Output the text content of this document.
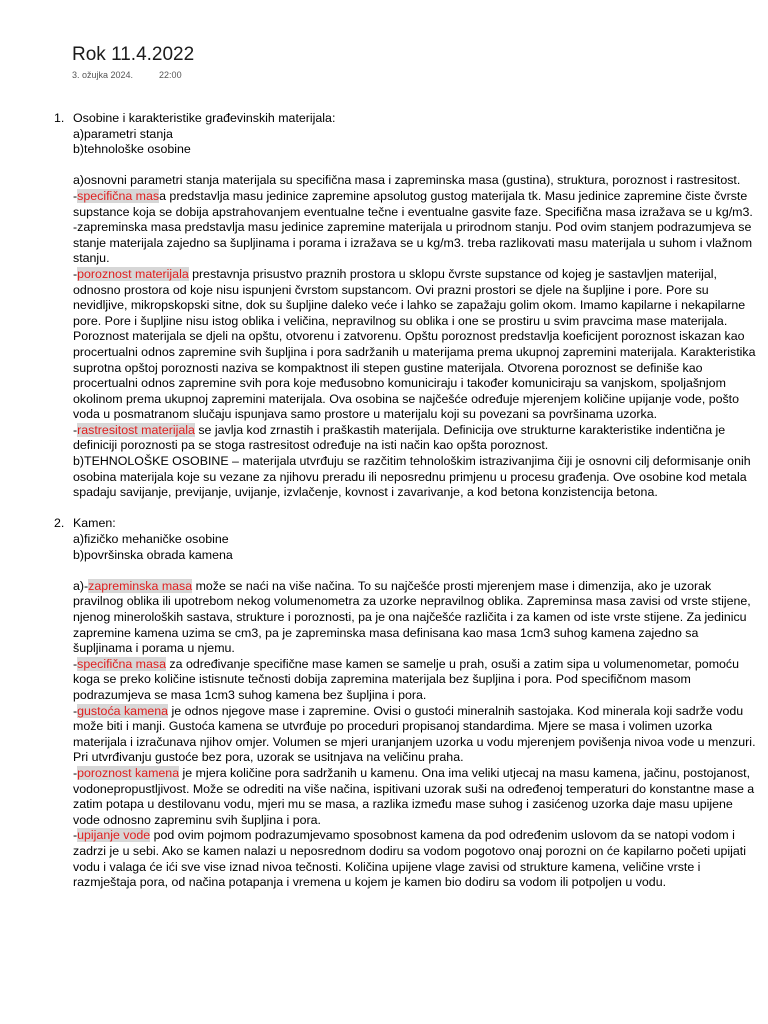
Rok 11.4.2022

3. ožujka 2024.	22:00

1. Osobine i karakteristike građevinskih materijala:

a)parametri stanja

b)tehnološke osobine

a)osnovni parametri stanja materijala su specifična masa i zapreminska masa (gustina), struktura, poroznost i rastresitost.

-specifična masa predstavlja masu jedinice zapremine apsolutog gustog materijala tk. Masu jedinice zapremine čiste čvrste supstance koja se dobija apstrahovanjem eventualne tečne i eventualne gasvite faze. Specifična masa izražava se u kg/m3.

-zapreminska masa predstavlja masu jedinice zapremine materijala u prirodnom stanju. Pod ovim stanjem podrazumjeva se stanje materijala zajedno sa šupljinama i porama i izražava se u kg/m3. treba razlikovati masu materijala u suhom i vlažnom stanju.

-poroznost materijala prestavnja prisustvo praznih prostora u sklopu čvrste supstance od kojeg je sastavljen materijal, odnosno prostora od koje nisu ispunjeni čvrstom supstancom. Ovi prazni prostori se djele na šupljine i pore. Pore su nevidljive, mikropskopski sitne, dok su šupljine daleko veće i lahko se zapažaju golim okom. Imamo kapilarne i nekapilarne pore. Pore i šupljine nisu istog oblika i veličina, nepravilnog su oblika i one se prostiru u svim pravcima mase materijala. Poroznost materijala se djeli na opštu, otvorenu i zatvorenu. Opštu poroznost predstavlja koeficijent poroznost iskazan kao procertualni odnos zapremine svih šupljina i pora sadržanih u materijama prema ukupnoj zapremini materijala. Karakteristika suprotna opštoj poroznosti naziva se kompaktnost ili stepen gustine materijala. Otvorena poroznost se definiše kao procertualni odnos zapremine svih pora koje međusobno komuniciraju i također komuniciraju sa vanjskom, spoljašnjom okolinom prema ukupnoj zapremini materijala. Ova osobina se najčešće određuje mjerenjem količine upijanje vode, pošto voda u posmatranom slučaju ispunjava samo prostore u materijalu koji su povezani sa površinama uzorka.

-rastresitost materijala se javlja kod zrnastih i praškastih materijala. Definicija ove strukturne karakteristike indentična je definiciji poroznosti pa se stoga rastresitost određuje na isti način kao opšta poroznost.

b)TEHNOLOŠKE OSOBINE – materijala utvrđuju se razčitim tehnološkim istrazivanjima čiji je osnovni cilj deformisanje onih osobina materijala koje su vezane za njihovu preradu ili neposrednu primjenu u procesu građenja. Ove osobine kod metala spadaju savijanje, previjanje, uvijanje, izvlačenje, kovnost i zavarivanje, a kod betona konzistencija betona.

2. Kamen:

a)fizičko mehaničke osobine

b)površinska obrada kamena

a)-zapreminska masa može se naći na više načina. To su najčešće prosti mjerenjem mase i dimenzija, ako je uzorak pravilnog oblika ili upotrebom nekog volumenometra za uzorke nepravilnog oblika. Zapreminsa masa zavisi od vrste stijene, njenog mineroloških sastava, strukture i poroznosti, pa je ona najčešće različita i za kamen od iste vrste stijene. Za jedinicu zapremine kamena uzima se cm3, pa je zapreminska masa definisana kao masa 1cm3 suhog kamena zajedno sa šupljinama i porama u njemu.

-specifična masa za određivanje specifične mase kamen se samelje u prah, osuši a zatim sipa u volumenometar, pomoću koga se preko količine istisnute tečnosti dobija zapremina materijala bez šupljina i pora. Pod specifičnom masom podrazumjeva se masa 1cm3 suhog kamena bez šupljina i pora.

-gustoća kamena je odnos njegove mase i zapremine. Ovisi o gustoći mineralnih sastojaka. Kod minerala koji sadrže vodu može biti i manji. Gustoća kamena se utvrđuje po proceduri propisanoj standardima. Mjere se masa i volimen uzorka materijala i izračunava njihov omjer. Volumen se mjeri uranjanjem uzorka u vodu mjerenjem povišenja nivoa vode u menzuri. Pri utvrđivanju gustoće bez pora, uzorak se usitnjava na veličinu praha.

-poroznost kamena je mjera količine pora sadržanih u kamenu. Ona ima veliki utjecaj na masu kamena, jačinu, postojanost, vodonepropustljivost. Može se odrediti na više načina, ispitivani uzorak suši na određenoj temperaturi do konstantne mase a zatim potapa u destilovanu vodu, mjeri mu se masa, a razlika između mase suhog i zasićenog uzorka daje masu upijene vode odnosno zapreminu svih šupljina i pora.

-upijanje vode pod ovim pojmom podrazumjevamo sposobnost kamena da pod određenim uslovom da se natopi vodom i zadrzi je u sebi. Ako se kamen nalazi u neposrednom dodiru sa vodom pogotovo onaj porozni on će kapilarno početi upijati vodu i valaga će ići sve vise iznad nivoa tečnosti. Količina upijene vlage zavisi od strukture kamena, veličine vrste i razmještaja pora, od načina potapanja i vremena u kojem je kamen bio dodiru sa vodom ili potpoljen u vodu.
